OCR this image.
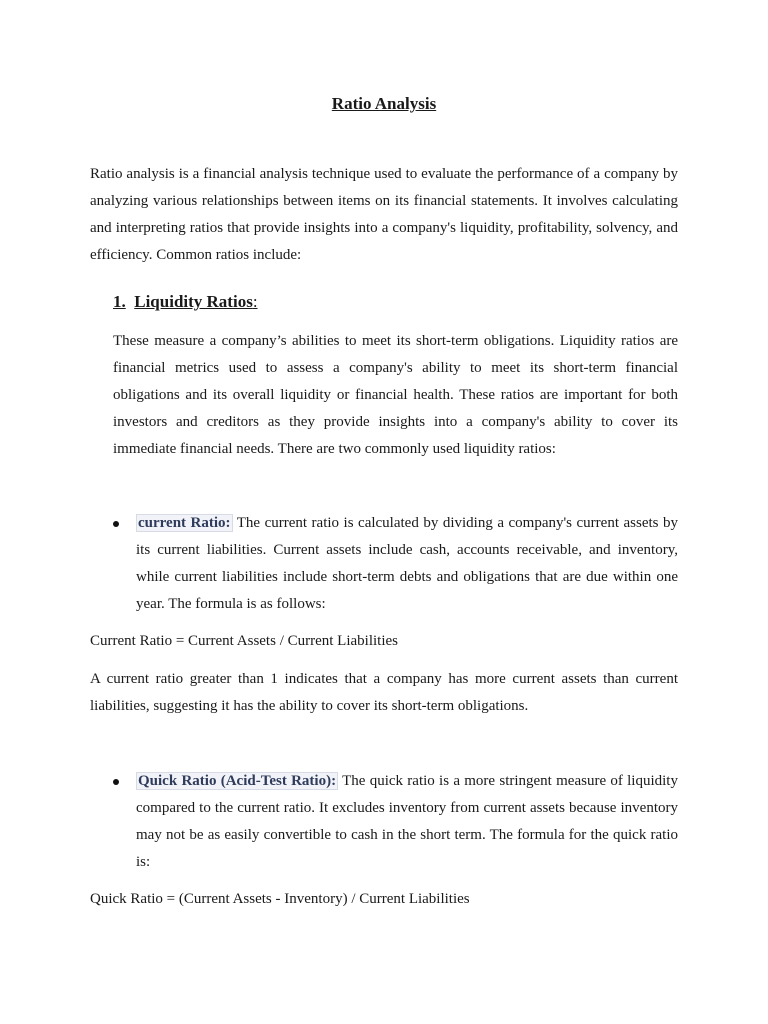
Ratio Analysis

Ratio analysis is a financial analysis technique used to evaluate the performance of a company by analyzing various relationships between items on its financial statements. It involves calculating and interpreting ratios that provide insights into a company's liquidity, profitability, solvency, and efficiency. Common ratios include:

1. Liquidity Ratios:

These measure a company’s abilities to meet its short-term obligations. Liquidity ratios are financial metrics used to assess a company's ability to meet its short-term financial obligations and its overall liquidity or financial health. These ratios are important for both investors and creditors as they provide insights into a company's ability to cover its immediate financial needs. There are two commonly used liquidity ratios:

current Ratio: The current ratio is calculated by dividing a company's current assets by its current liabilities. Current assets include cash, accounts receivable, and inventory, while current liabilities include short-term debts and obligations that are due within one year. The formula is as follows:

Current Ratio = Current Assets / Current Liabilities

A current ratio greater than 1 indicates that a company has more current assets than current liabilities, suggesting it has the ability to cover its short-term obligations.

Quick Ratio (Acid-Test Ratio): The quick ratio is a more stringent measure of liquidity compared to the current ratio. It excludes inventory from current assets because inventory may not be as easily convertible to cash in the short term. The formula for the quick ratio is:

Quick Ratio = (Current Assets - Inventory) / Current Liabilities
